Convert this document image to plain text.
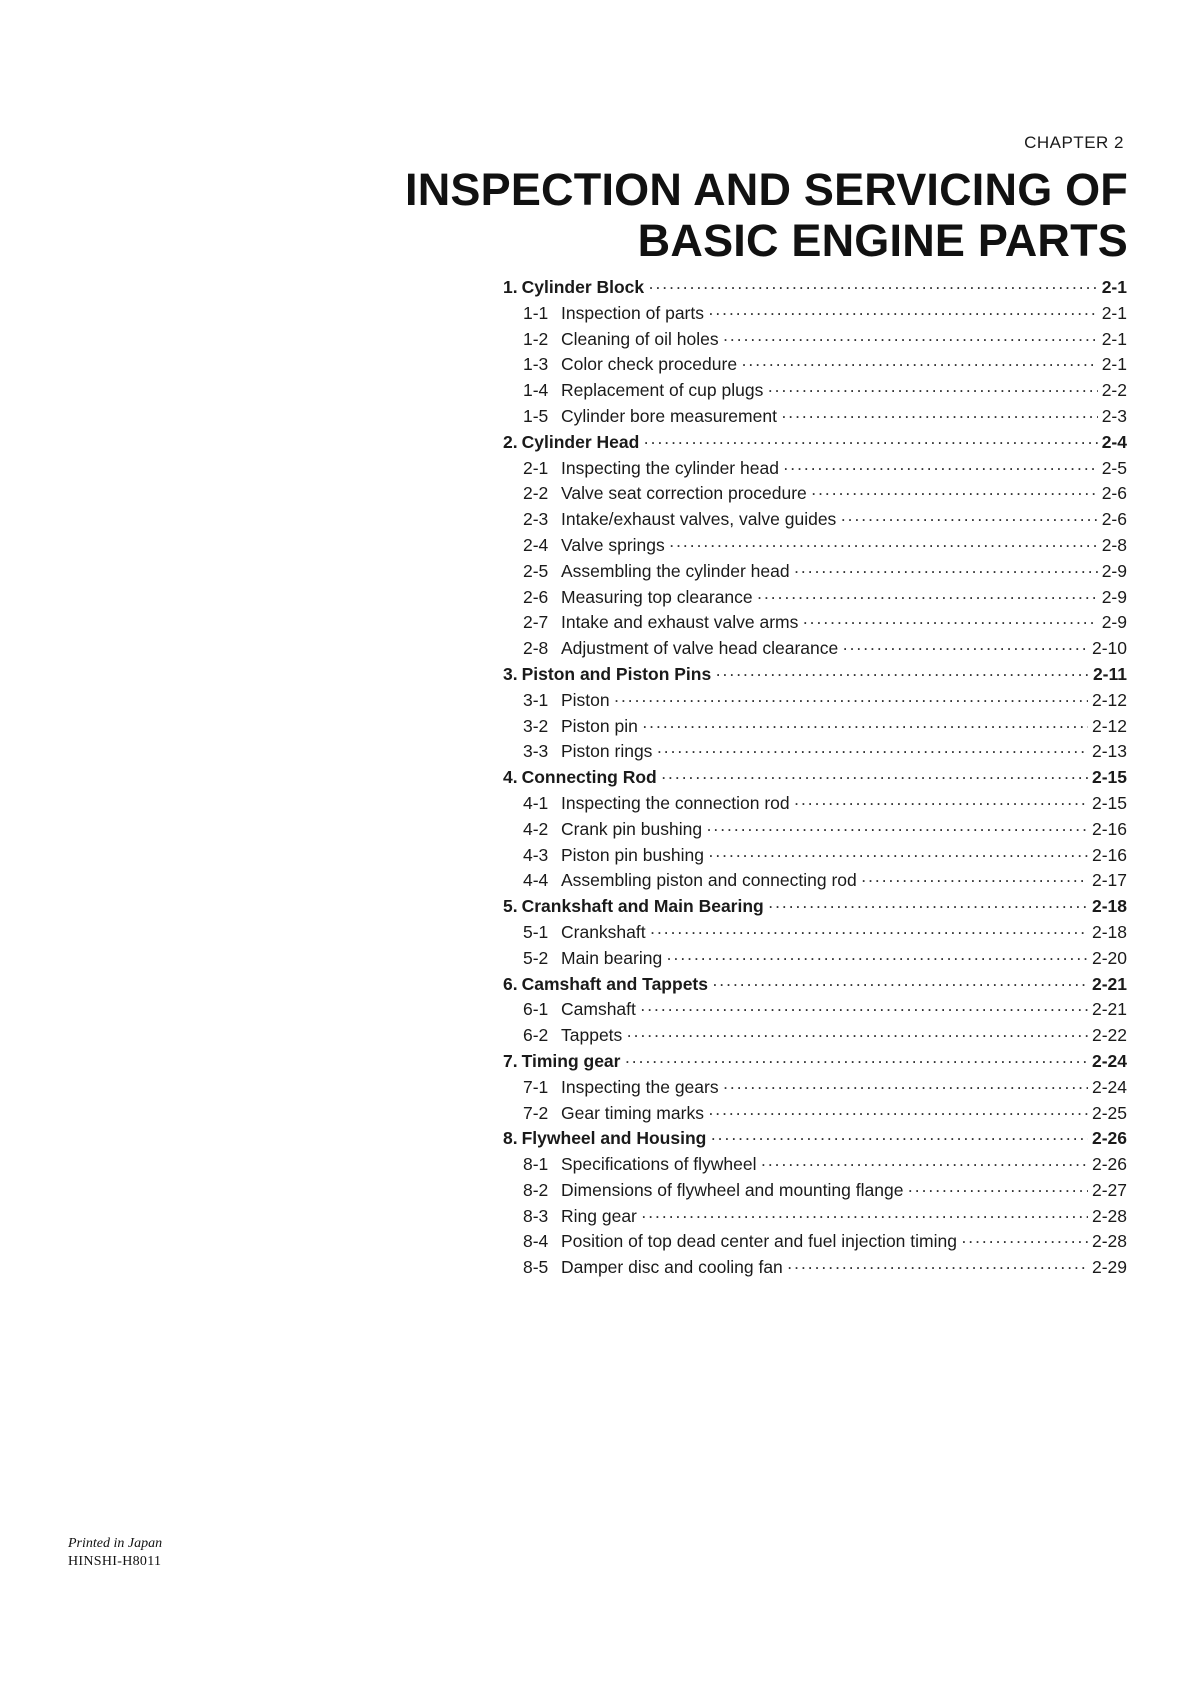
CHAPTER 2
INSPECTION AND SERVICING OF
BASIC ENGINE PARTS
1. Cylinder Block ·····	2-1
1-1 Inspection of parts ·····	2-1
1-2 Cleaning of oil holes ·····	2-1
1-3 Color check procedure ·····	2-1
1-4 Replacement of cup plugs ·····	2-2
1-5 Cylinder bore measurement ·····	2-3
2. Cylinder Head ·····	2-4
2-1 Inspecting the cylinder head ·····	2-5
2-2 Valve seat correction procedure ·····	2-6
2-3 Intake/exhaust valves, valve guides ·····	2-6
2-4 Valve springs ·····	2-8
2-5 Assembling the cylinder head ·····	2-9
2-6 Measuring top clearance ·····	2-9
2-7 Intake and exhaust valve arms ·····	2-9
2-8 Adjustment of valve head clearance ·····	2-10
3. Piston and Piston Pins ·····	2-11
3-1 Piston ·····	2-12
3-2 Piston pin ·····	2-12
3-3 Piston rings ·····	2-13
4. Connecting Rod ·····	2-15
4-1 Inspecting the connection rod ·····	2-15
4-2 Crank pin bushing ·····	2-16
4-3 Piston pin bushing ·····	2-16
4-4 Assembling piston and connecting rod ·····	2-17
5. Crankshaft and Main Bearing ·····	2-18
5-1 Crankshaft ·····	2-18
5-2 Main bearing ·····	2-20
6. Camshaft and Tappets ·····	2-21
6-1 Camshaft ·····	2-21
6-2 Tappets ·····	2-22
7. Timing gear ·····	2-24
7-1 Inspecting the gears ·····	2-24
7-2 Gear timing marks ·····	2-25
8. Flywheel and Housing ·····	2-26
8-1 Specifications of flywheel ·····	2-26
8-2 Dimensions of flywheel and mounting flange ·····	2-27
8-3 Ring gear ·····	2-28
8-4 Position of top dead center and fuel injection timing ·····	2-28
8-5 Damper disc and cooling fan ·····	2-29
Printed in Japan
HINSHI-H8011
